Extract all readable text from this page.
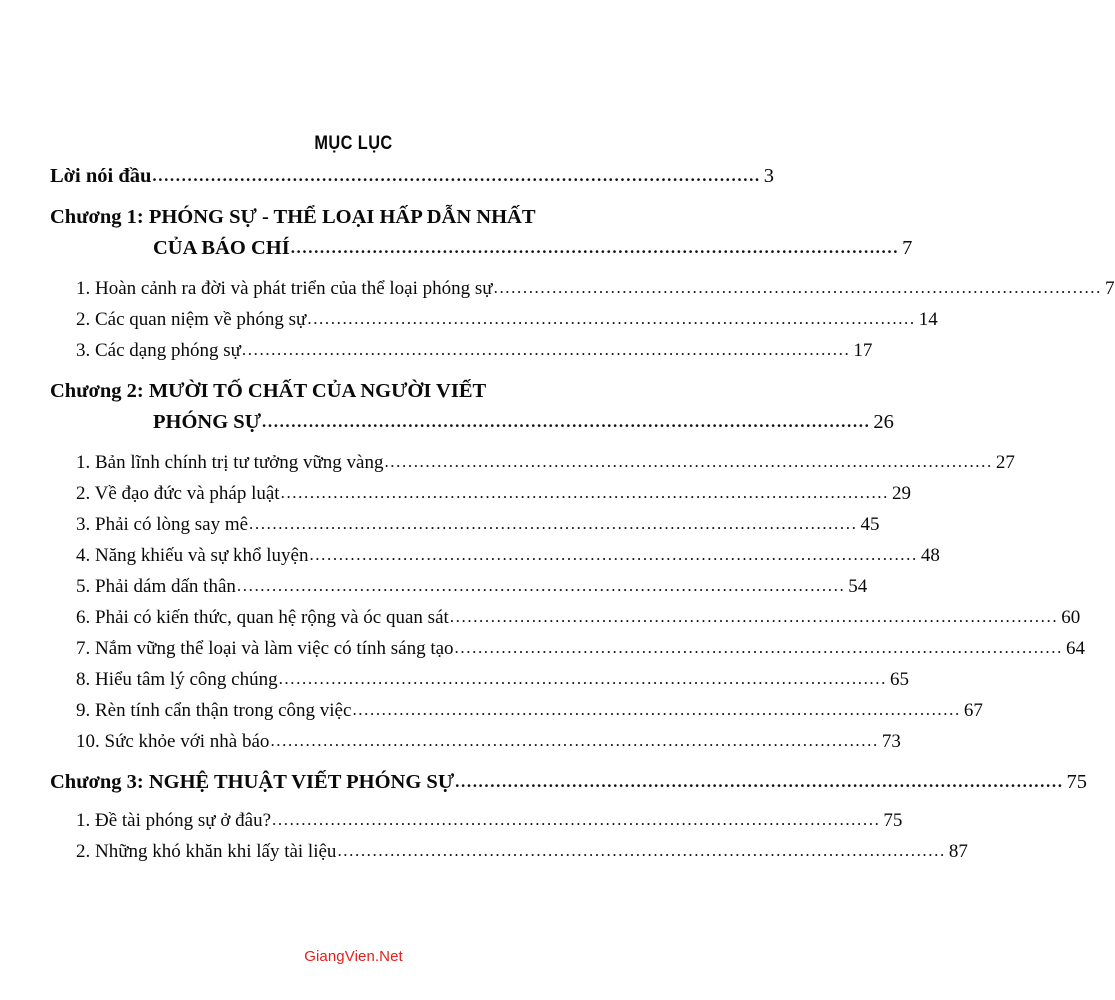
MỤC LỤC
Lời nói đầu .....	3
Chương 1: PHÓNG SỰ - THỂ LOẠI HẤP DẪN NHẤT
CỦA BÁO CHÍ .....	7
1. Hoàn cảnh ra đời và phát triển của thể loại phóng sự .....	7
2. Các quan niệm về phóng sự .....	14
3. Các dạng phóng sự .....	17
Chương 2: MƯỜI TỐ CHẤT CỦA NGƯỜI VIẾT
PHÓNG SỰ .....	26
1. Bản lĩnh chính trị tư tưởng vững vàng .....	27
2. Về đạo đức và pháp luật .....	29
3. Phải có lòng say mê .....	45
4. Năng khiếu và sự khổ luyện .....	48
5. Phải dám dấn thân .....	54
6. Phải có kiến thức, quan hệ rộng và óc quan sát .....	60
7. Nắm vững thể loại và làm việc có tính sáng tạo .....	64
8. Hiểu tâm lý công chúng .....	65
9. Rèn tính cẩn thận trong công việc .....	67
10. Sức khỏe với nhà báo .....	73
Chương 3: NGHỆ THUẬT VIẾT PHÓNG SỰ .....	75
1. Đề tài phóng sự ở đâu? .....	75
2. Những khó khăn khi lấy tài liệu .....	87
GiangVien.Net
